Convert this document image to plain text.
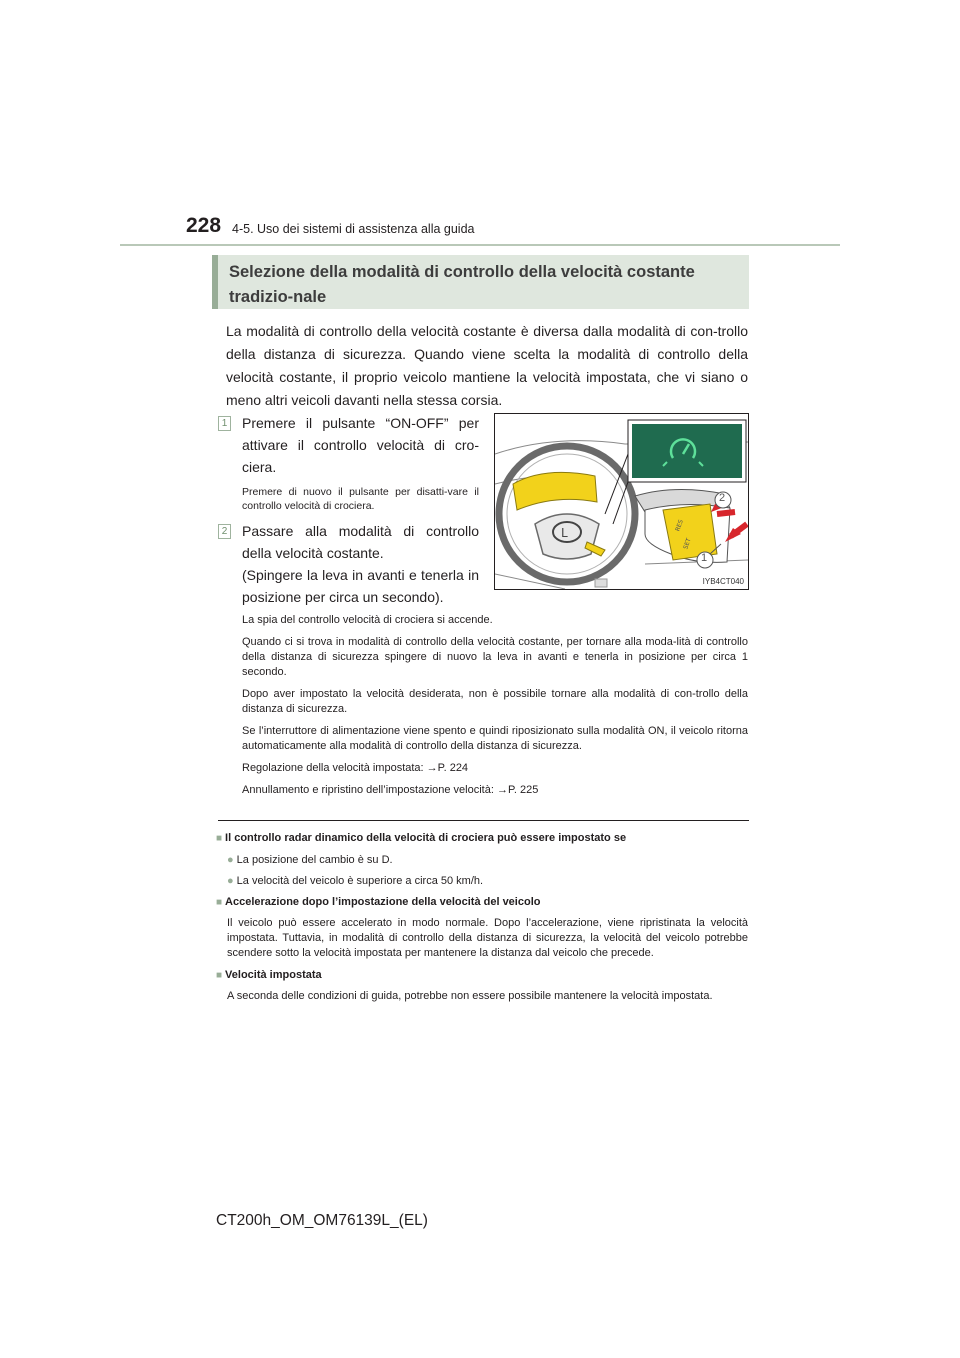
228 4-5. Uso dei sistemi di assistenza alla guida
Selezione della modalità di controllo della velocità costante tradizio-nale
La modalità di controllo della velocità costante è diversa dalla modalità di con-trollo della distanza di sicurezza. Quando viene scelta la modalità di controllo della velocità costante, il proprio veicolo mantiene la velocità impostata, che vi siano o meno altri veicoli davanti nella stessa corsia.
1 Premere il pulsante “ON-OFF” per attivare il controllo velocità di cro-ciera.
Premere di nuovo il pulsante per disatti-vare il controllo velocità di crociera.
2 Passare alla modalità di controllo della velocità costante.
(Spingere la leva in avanti e tenerla in posizione per circa un secondo).
L
RES
SET
2
1
IYB4CT040

La spia del controllo velocità di crociera si accende.

Quando ci si trova in modalità di controllo della velocità costante, per tornare alla moda-lità di controllo della distanza di sicurezza spingere di nuovo la leva in avanti e tenerla in posizione per circa 1 secondo.

Dopo aver impostato la velocità desiderata, non è possibile tornare alla modalità di con-trollo della distanza di sicurezza.

Se l’interruttore di alimentazione viene spento e quindi riposizionato sulla modalità ON, il veicolo ritorna automaticamente alla modalità di controllo della distanza di sicurezza.

Regolazione della velocità impostata: →P. 224

Annullamento e ripristino dell’impostazione velocità: →P. 225

■ Il controllo radar dinamico della velocità di crociera può essere impostato se

● La posizione del cambio è su D.

● La velocità del veicolo è superiore a circa 50 km/h.

■ Accelerazione dopo l’impostazione della velocità del veicolo

Il veicolo può essere accelerato in modo normale. Dopo l’accelerazione, viene ripristinata la velocità impostata. Tuttavia, in modalità di controllo della distanza di sicurezza, la velocità del veicolo potrebbe scendere sotto la velocità impostata per mantenere la distanza dal veicolo che precede.

■ Velocità impostata

A seconda delle condizioni di guida, potrebbe non essere possibile mantenere la velocità impostata.

CT200h_OM_OM76139L_(EL)
